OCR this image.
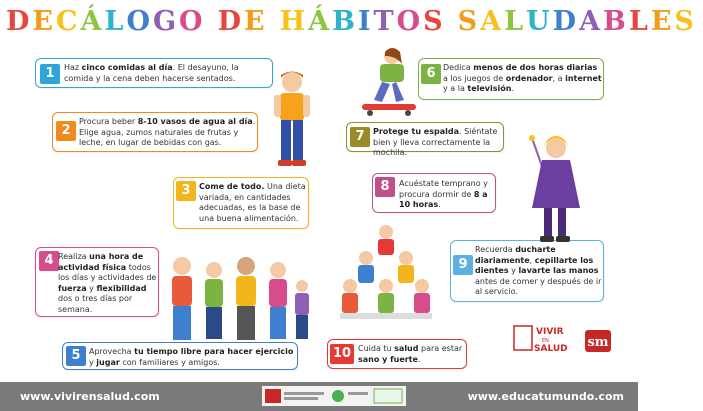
DECÁLOGO DE HÁBITOS SALUDABLES
1	Haz cinco comidas al día. El desayuno, la comida y la cena deben hacerse sentados.
2
Procura beber 8-10 vasos de agua al día. Elige agua, zumos naturales de frutas y leche, en lugar de bebidas con gas.
3	Come de todo. Una dieta variada, en cantidades adecuadas, es la base de una buena alimentación.
4 Realiza una hora de actividad física todos los días y actividades de fuerza y flexibilidad dos o tres días por semana.
5	Aprovecha tu tiempo libre para hacer ejercicio y jugar con familiares y amigos.
6 Dedica menos de dos horas diarias a los juegos de ordenador, a internet y a la televisión.
7	Protege tu espalda. Siéntate bien y lleva correctamente la mochila.
8	Acuéstate temprano y procura dormir de 8 a 10 horas.
9
Recuerda ducharte diariamente, cepillarte los dientes y lavarte las manos antes de comer y después de ir al servicio.
10 Cuida tu salud para estar sano y fuerte.
VIVIR
EN
SALUD sm
www.vivirensalud.com	www.educatumundo.com
